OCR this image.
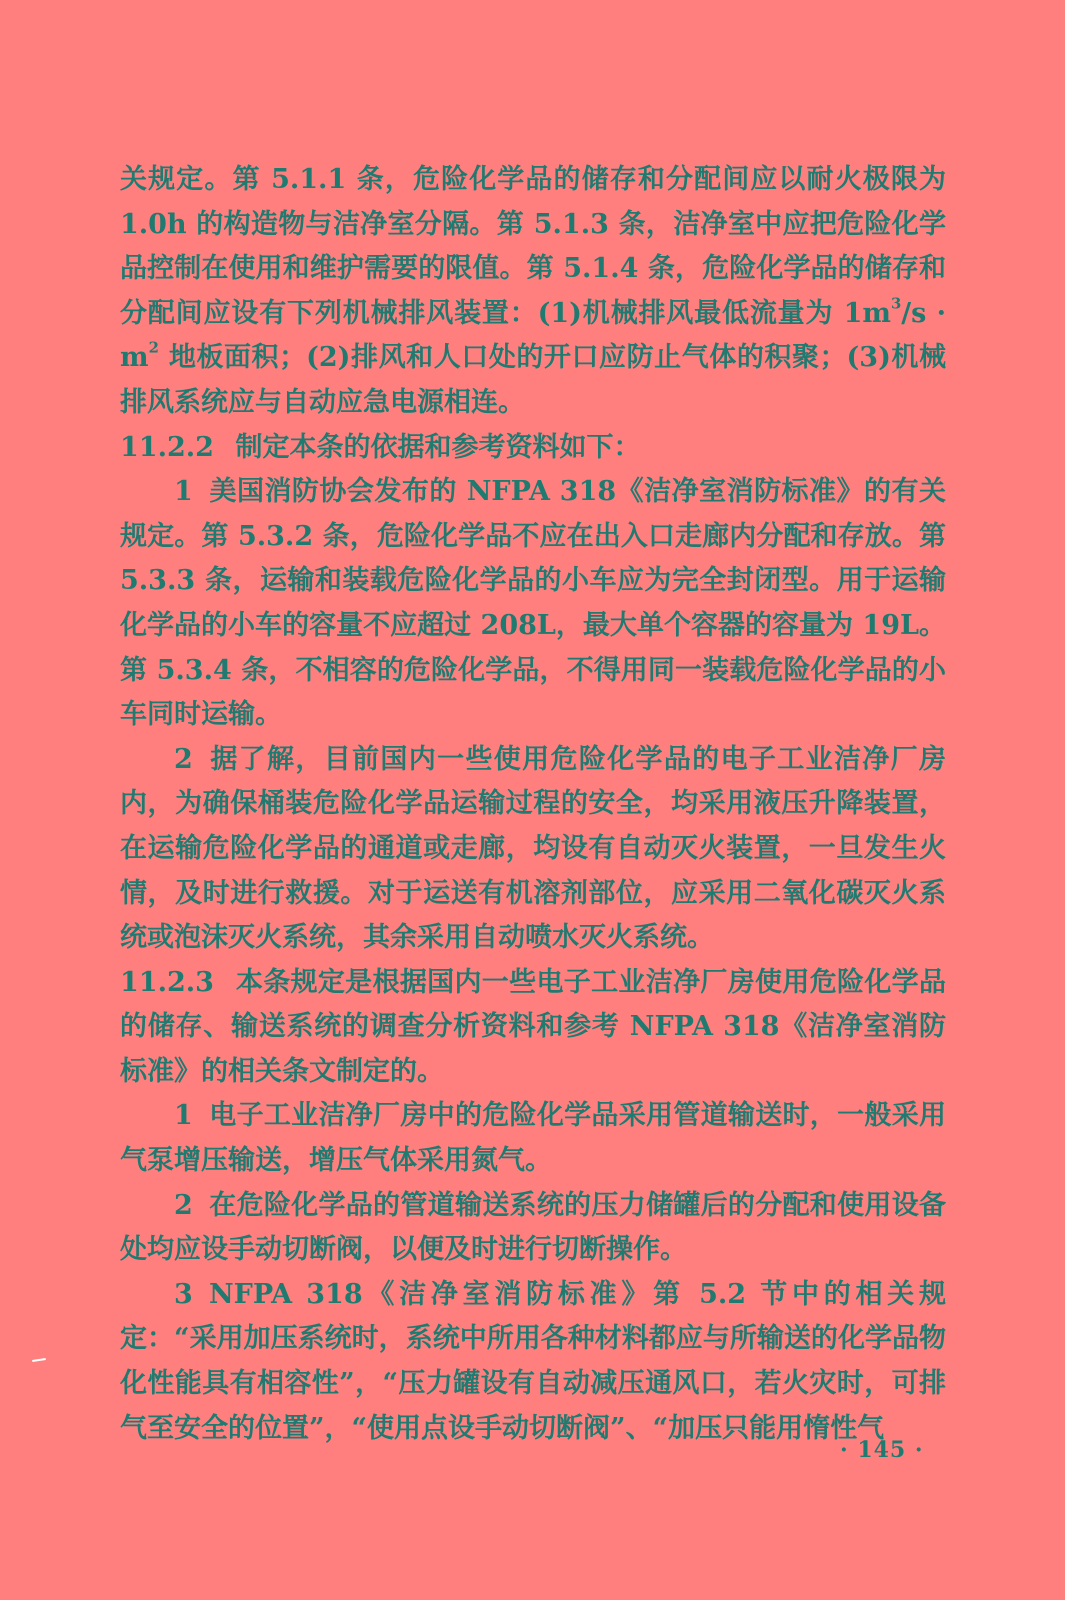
关规定。第 5.1.1 条，危险化学品的储存和分配间应以耐火极限为 1.0h 的构造物与洁净室分隔。第 5.1.3 条，洁净室中应把危险化学品控制在使用和维护需要的限值。第 5.1.4 条，危险化学品的储存和分配间应设有下列机械排风装置：(1)机械排风最低流量为 $1m^3/s \cdot m^2$ 地板面积；(2)排风和人口处的开口应防止气体的积聚；(3)机械排风系统应与自动应急电源相连。

11.2.2 制定本条的依据和参考资料如下：

1 美国消防协会发布的 NFPA 318《洁净室消防标准》的有关规定。第 5.3.2 条，危险化学品不应在出入口走廊内分配和存放。第 5.3.3 条，运输和装载危险化学品的小车应为完全封闭型。用于运输化学品的小车的容量不应超过 208L，最大单个容器的容量为 19L。第 5.3.4 条，不相容的危险化学品，不得用同一装载危险化学品的小车同时运输。

2 据了解，目前国内一些使用危险化学品的电子工业洁净厂房内，为确保桶装危险化学品运输过程的安全，均采用液压升降装置，在运输危险化学品的通道或走廊，均设有自动灭火装置，一旦发生火情，及时进行救援。对于运送有机溶剂部位，应采用二氧化碳灭火系统或泡沫灭火系统，其余采用自动喷水灭火系统。

11.2.3 本条规定是根据国内一些电子工业洁净厂房使用危险化学品的储存、输送系统的调查分析资料和参考 NFPA 318《洁净室消防标准》的相关条文制定的。

1 电子工业洁净厂房中的危险化学品采用管道输送时，一般采用气泵增压输送，增压气体采用氮气。

2 在危险化学品的管道输送系统的压力储罐后的分配和使用设备处均应设手动切断阀，以便及时进行切断操作。

3 NFPA 318《洁净室消防标准》第 5.2 节中的相关规定：“采用加压系统时，系统中所用各种材料都应与所输送的化学品物化性能具有相容性”，“压力罐设有自动减压通风口，若火灾时，可排气至安全的位置”，“使用点设手动切断阀”、“加压只能用惰性气

· 145 ·
